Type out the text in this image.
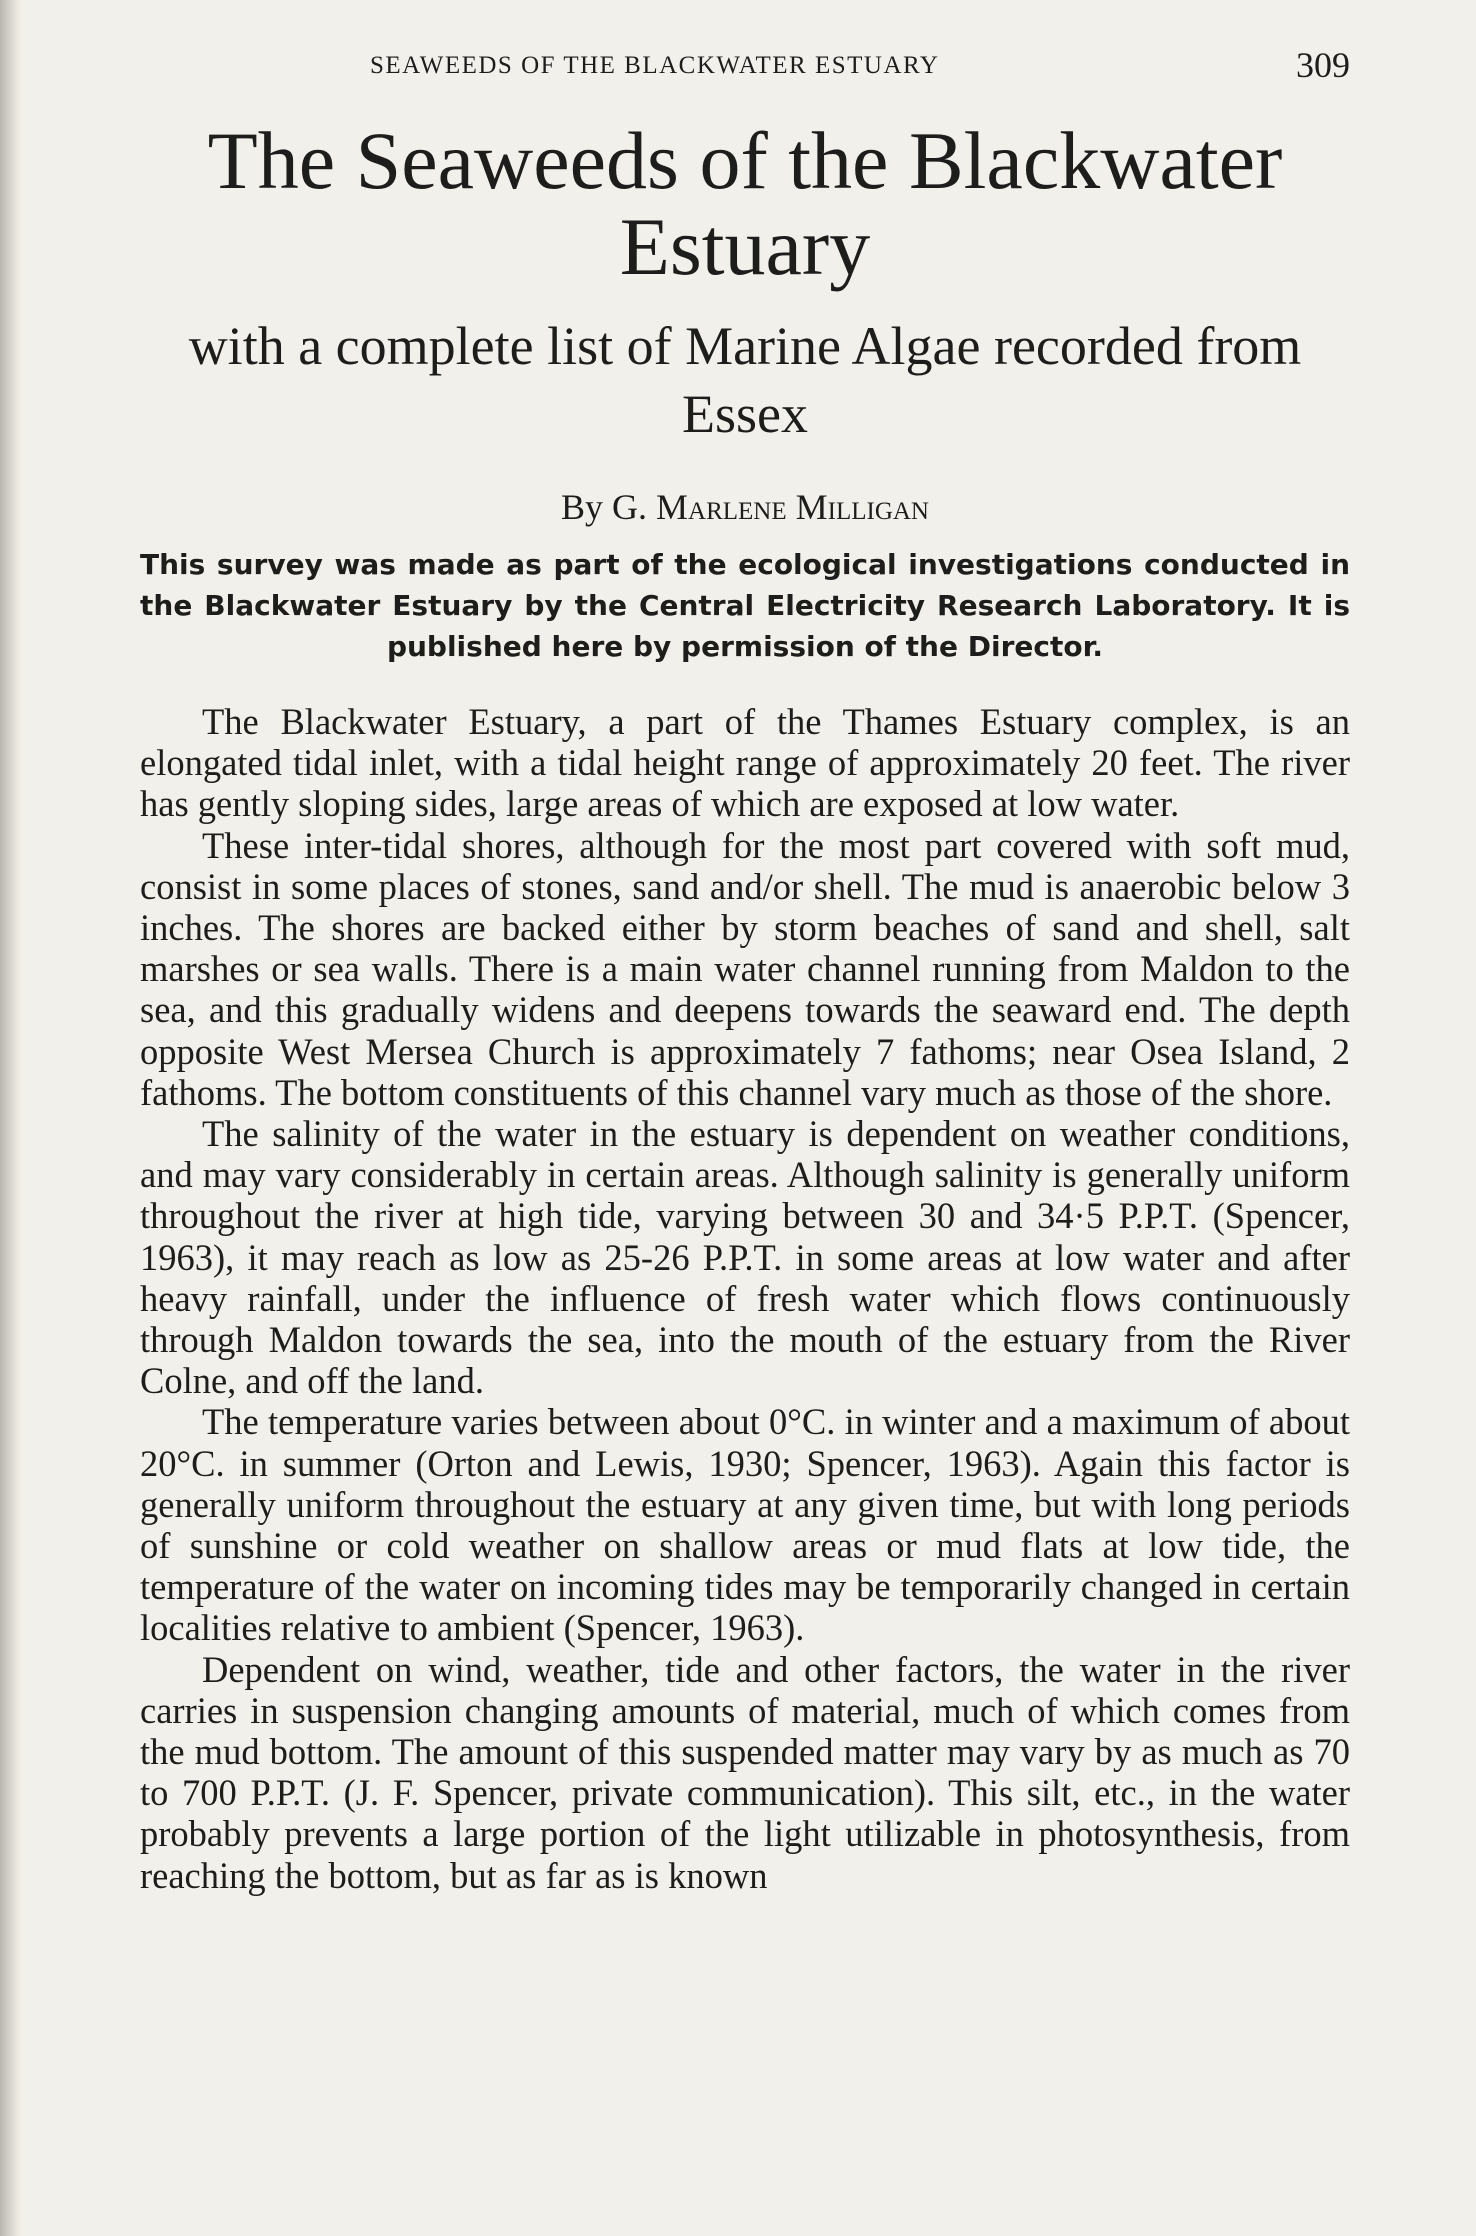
SEAWEEDS OF THE BLACKWATER ESTUARY	309
The Seaweeds of the Blackwater Estuary
with a complete list of Marine Algae recorded from Essex
By G. Marlene Milligan
This survey was made as part of the ecological investigations conducted in the Blackwater Estuary by the Central Electricity Research Laboratory. It is published here by permission of the Director.

The Blackwater Estuary, a part of the Thames Estuary complex, is an elongated tidal inlet, with a tidal height range of approximately 20 feet. The river has gently sloping sides, large areas of which are exposed at low water.

These inter-tidal shores, although for the most part covered with soft mud, consist in some places of stones, sand and/or shell. The mud is anaerobic below 3 inches. The shores are backed either by storm beaches of sand and shell, salt marshes or sea walls. There is a main water channel running from Maldon to the sea, and this gradually widens and deepens towards the seaward end. The depth opposite West Mersea Church is approximately 7 fathoms; near Osea Island, 2 fathoms. The bottom constituents of this channel vary much as those of the shore.

The salinity of the water in the estuary is dependent on weather conditions, and may vary considerably in certain areas. Although salinity is generally uniform throughout the river at high tide, varying between 30 and 34·5 P.P.T. (Spencer, 1963), it may reach as low as 25-26 P.P.T. in some areas at low water and after heavy rainfall, under the influence of fresh water which flows continuously through Maldon towards the sea, into the mouth of the estuary from the River Colne, and off the land.

The temperature varies between about 0°C. in winter and a maximum of about 20°C. in summer (Orton and Lewis, 1930; Spencer, 1963). Again this factor is generally uniform throughout the estuary at any given time, but with long periods of sunshine or cold weather on shallow areas or mud flats at low tide, the temperature of the water on incoming tides may be temporarily changed in certain localities relative to ambient (Spencer, 1963).

Dependent on wind, weather, tide and other factors, the water in the river carries in suspension changing amounts of material, much of which comes from the mud bottom. The amount of this suspended matter may vary by as much as 70 to 700 P.P.T. (J. F. Spencer, private communication). This silt, etc., in the water probably prevents a large portion of the light utilizable in photosynthesis, from reaching the bottom, but as far as is known
